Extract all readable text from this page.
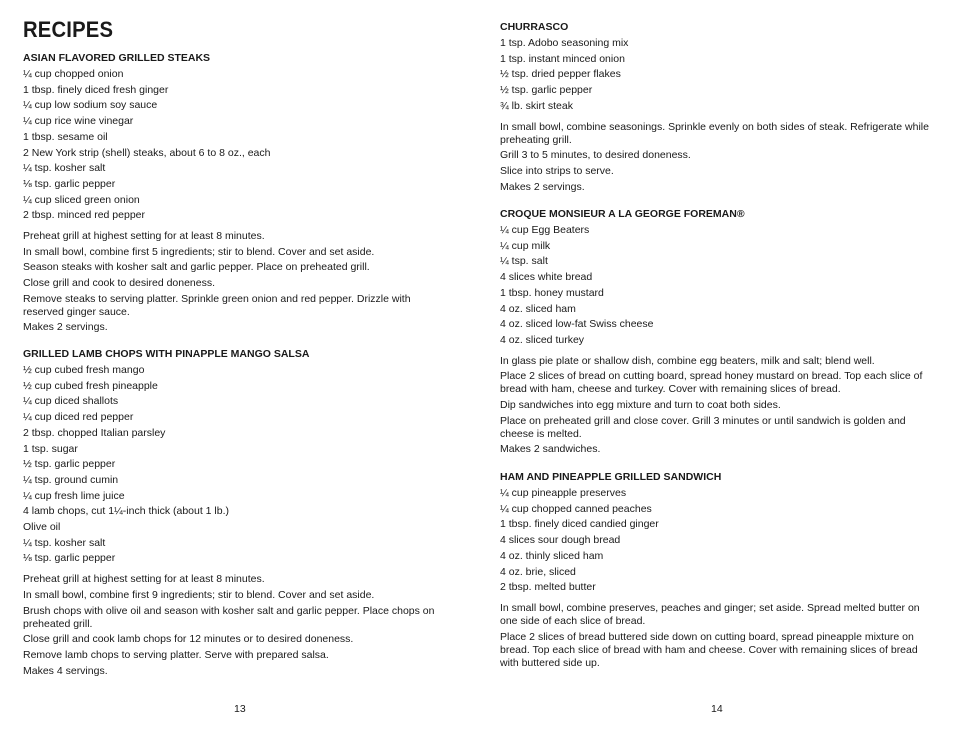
RECIPES
ASIAN FLAVORED GRILLED STEAKS
¼ cup chopped onion
1 tbsp. finely diced fresh ginger
¼ cup low sodium soy sauce
¼ cup rice wine vinegar
1 tbsp. sesame oil
2 New York strip (shell) steaks, about 6 to 8 oz., each
¼ tsp. kosher salt
⅛ tsp. garlic pepper
¼ cup sliced green onion
2 tbsp. minced red pepper

Preheat grill at highest setting for at least 8 minutes.

In small bowl, combine first 5 ingredients; stir to blend. Cover and set aside.

Season steaks with kosher salt and garlic pepper. Place on preheated grill.

Close grill and cook to desired doneness.

Remove steaks to serving platter. Sprinkle green onion and red pepper. Drizzle with reserved ginger sauce.

Makes 2 servings.

GRILLED LAMB CHOPS WITH PINAPPLE MANGO SALSA
½ cup cubed fresh mango
½ cup cubed fresh pineapple
¼ cup diced shallots
¼ cup diced red pepper
2 tbsp. chopped Italian parsley
1 tsp. sugar
½ tsp. garlic pepper
¼ tsp. ground cumin
¼ cup fresh lime juice
4 lamb chops, cut 1¼-inch thick (about 1 lb.)
Olive oil
¼ tsp. kosher salt
⅛ tsp. garlic pepper

Preheat grill at highest setting for at least 8 minutes.

In small bowl, combine first 9 ingredients; stir to blend. Cover and set aside.

Brush chops with olive oil and season with kosher salt and garlic pepper. Place chops on preheated grill.

Close grill and cook lamb chops for 12 minutes or to desired doneness.

Remove lamb chops to serving platter. Serve with prepared salsa.

Makes 4 servings.

CHURRASCO
1 tsp. Adobo seasoning mix
1 tsp. instant minced onion
½ tsp. dried pepper flakes
½ tsp. garlic pepper
¾ lb. skirt steak

In small bowl, combine seasonings. Sprinkle evenly on both sides of steak. Refrigerate while preheating grill.

Grill 3 to 5 minutes, to desired doneness.

Slice into strips to serve.

Makes 2 servings.

CROQUE MONSIEUR A LA GEORGE FOREMAN®
¼ cup Egg Beaters
¼ cup milk
¼ tsp. salt
4 slices white bread
1 tbsp. honey mustard
4 oz. sliced ham
4 oz. sliced low-fat Swiss cheese
4 oz. sliced turkey

In glass pie plate or shallow dish, combine egg beaters, milk and salt; blend well.

Place 2 slices of bread on cutting board, spread honey mustard on bread. Top each slice of bread with ham, cheese and turkey. Cover with remaining slices of bread.

Dip sandwiches into egg mixture and turn to coat both sides.

Place on preheated grill and close cover. Grill 3 minutes or until sandwich is golden and cheese is melted.

Makes 2 sandwiches.

HAM AND PINEAPPLE GRILLED SANDWICH
¼ cup pineapple preserves
¼ cup chopped canned peaches
1 tbsp. finely diced candied ginger
4 slices sour dough bread
4 oz. thinly sliced ham
4 oz. brie, sliced
2 tbsp. melted butter

In small bowl, combine preserves, peaches and ginger; set aside. Spread melted butter on one side of each slice of bread.

Place 2 slices of bread buttered side down on cutting board, spread pineapple mixture on bread. Top each slice of bread with ham and cheese. Cover with remaining slices of bread with buttered side up.

13	14
